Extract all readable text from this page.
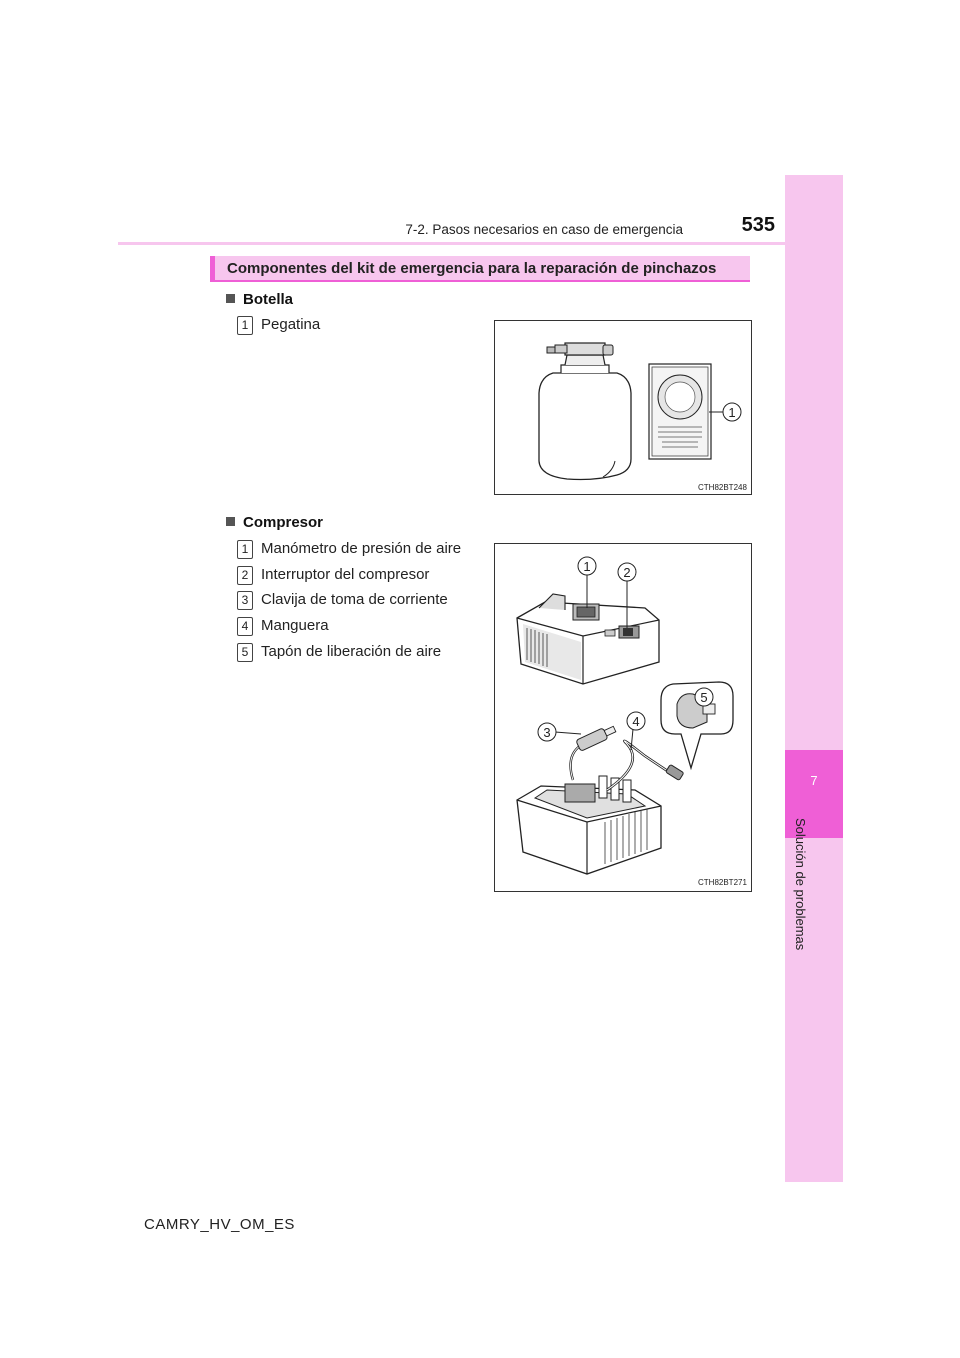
7
Solución de problemas
7-2. Pasos necesarios en caso de emergencia	535
Componentes del kit de emergencia para la reparación de pinchazos
Botella
1 Pegatina
1
CTH82BT248
Compresor
1 Manómetro de presión de aire
2 Interruptor del compresor
3 Clavija de toma de corriente
4 Manguera
5 Tapón de liberación de aire
1	2
5
3
4
CTH82BT271
CAMRY_HV_OM_ES
